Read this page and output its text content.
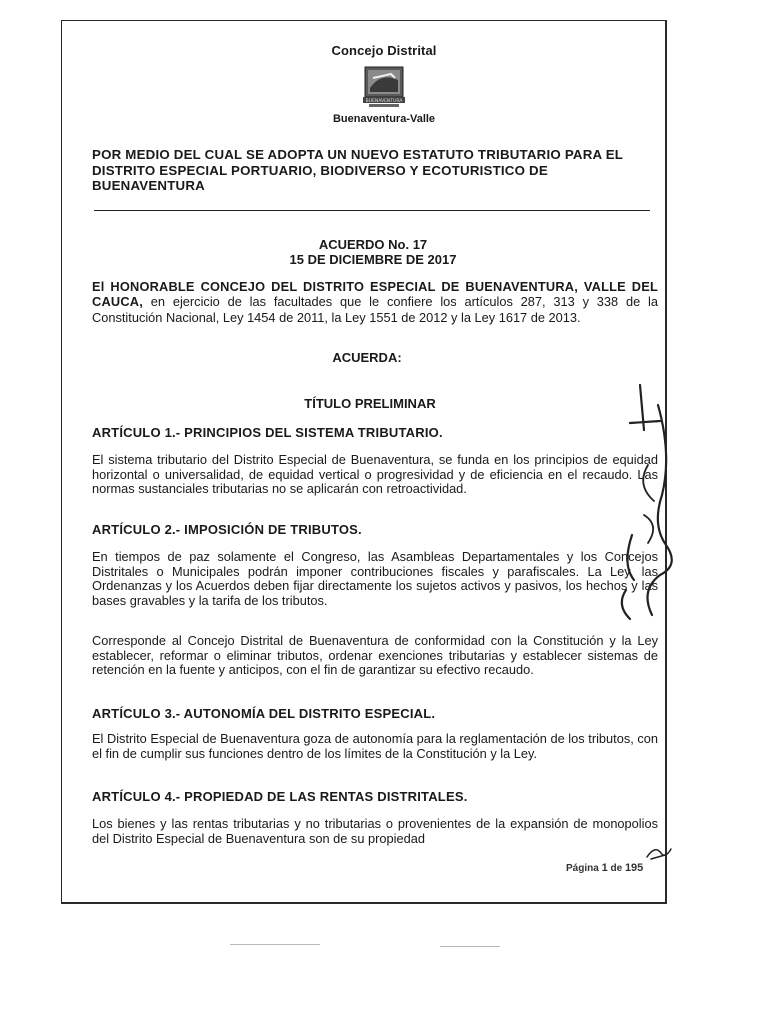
Concejo Distrital
BUENAVENTURA
Buenaventura-Valle
POR MEDIO DEL CUAL SE ADOPTA UN NUEVO ESTATUTO TRIBUTARIO PARA EL DISTRITO ESPECIAL PORTUARIO, BIODIVERSO Y ECOTURISTICO DE BUENAVENTURA
ACUERDO No. 17
15 DE DICIEMBRE DE 2017
El HONORABLE CONCEJO DEL DISTRITO ESPECIAL DE BUENAVENTURA, VALLE DEL CAUCA, en ejercicio de las facultades que le confiere los artículos 287, 313 y 338 de la Constitución Nacional, Ley 1454 de 2011, la Ley 1551 de 2012 y la Ley 1617 de 2013.
ACUERDA:
TÍTULO PRELIMINAR
ARTÍCULO 1.- PRINCIPIOS DEL SISTEMA TRIBUTARIO.
El sistema tributario del Distrito Especial de Buenaventura, se funda en los principios de equidad horizontal o universalidad, de equidad vertical o progresividad y de eficiencia en el recaudo. Las normas sustanciales tributarias no se aplicarán con retroactividad.
ARTÍCULO 2.- IMPOSICIÓN DE TRIBUTOS.
En tiempos de paz solamente el Congreso, las Asambleas Departamentales y los Concejos Distritales o Municipales podrán imponer contribuciones fiscales y parafiscales. La Ley, las Ordenanzas y los Acuerdos deben fijar directamente los sujetos activos y pasivos, los hechos y las bases gravables y la tarifa de los tributos.
Corresponde al Concejo Distrital de Buenaventura de conformidad con la Constitución y la Ley establecer, reformar o eliminar tributos, ordenar exenciones tributarias y establecer sistemas de retención en la fuente y anticipos, con el fin de garantizar su efectivo recaudo.
ARTÍCULO 3.- AUTONOMÍA DEL DISTRITO ESPECIAL.
El Distrito Especial de Buenaventura goza de autonomía para la reglamentación de los tributos, con el fin de cumplir sus funciones dentro de los límites de la Constitución y la Ley.
ARTÍCULO 4.- PROPIEDAD DE LAS RENTAS DISTRITALES.
Los bienes y las rentas tributarias y no tributarias o provenientes de la expansión de monopolios del Distrito Especial de Buenaventura son de su propiedad
Página 1 de 195
